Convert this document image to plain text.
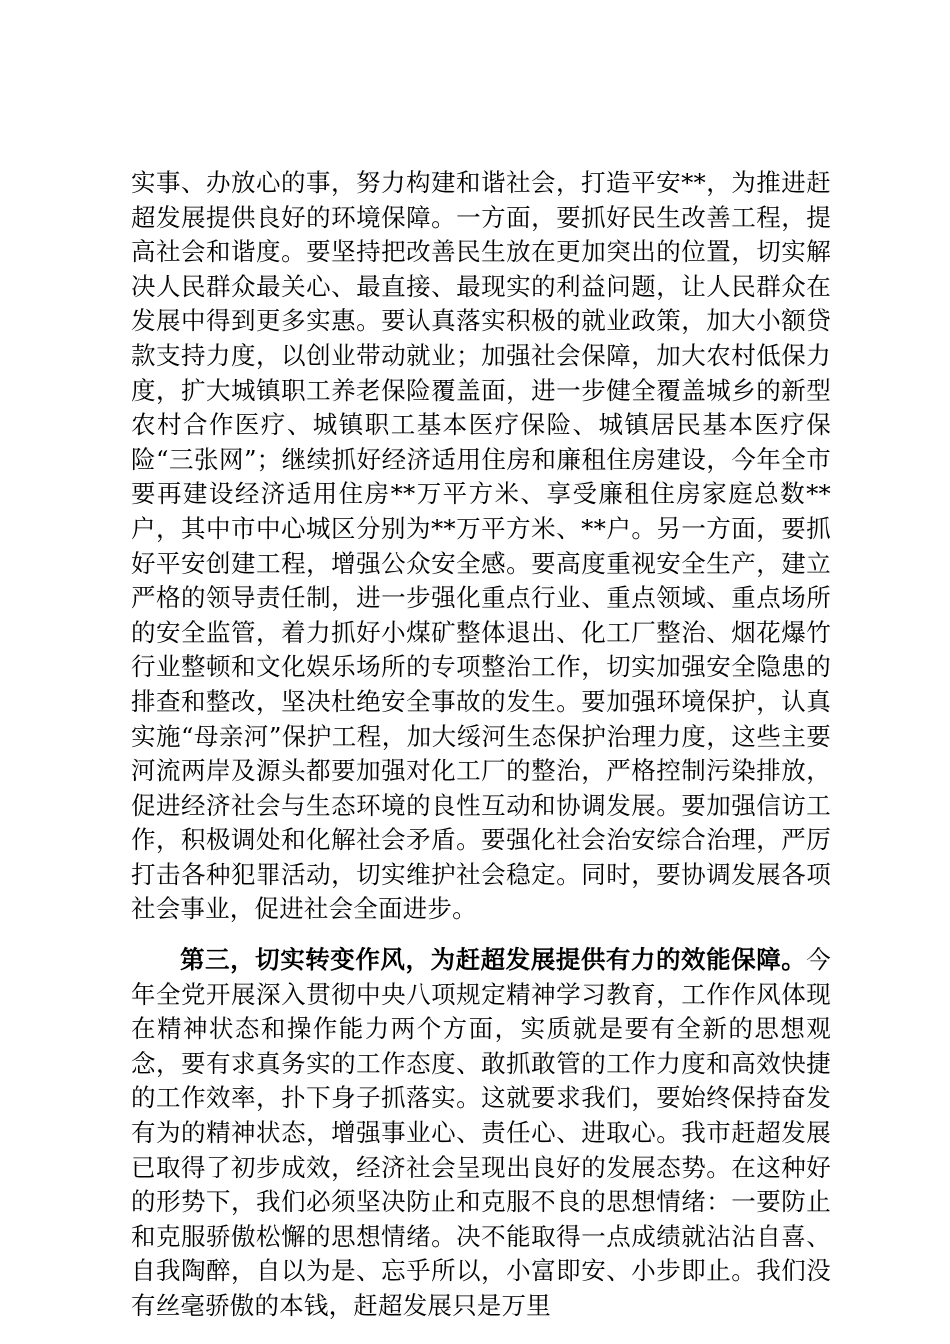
实事、办放心的事，努力构建和谐社会，打造平安**，为推进赶超发展提供良好的环境保障。一方面，要抓好民生改善工程，提高社会和谐度。要坚持把改善民生放在更加突出的位置，切实解决人民群众最关心、最直接、最现实的利益问题，让人民群众在发展中得到更多实惠。要认真落实积极的就业政策，加大小额贷款支持力度，以创业带动就业；加强社会保障，加大农村低保力度，扩大城镇职工养老保险覆盖面，进一步健全覆盖城乡的新型农村合作医疗、城镇职工基本医疗保险、城镇居民基本医疗保险“三张网”；继续抓好经济适用住房和廉租住房建设，今年全市要再建设经济适用住房**万平方米、享受廉租住房家庭总数**户，其中市中心城区分别为**万平方米、**户。另一方面，要抓好平安创建工程，增强公众安全感。要高度重视安全生产，建立严格的领导责任制，进一步强化重点行业、重点领域、重点场所的安全监管，着力抓好小煤矿整体退出、化工厂整治、烟花爆竹行业整顿和文化娱乐场所的专项整治工作，切实加强安全隐患的排查和整改，坚决杜绝安全事故的发生。要加强环境保护，认真实施“母亲河”保护工程，加大绥河生态保护治理力度，这些主要河流两岸及源头都要加强对化工厂的整治，严格控制污染排放，促进经济社会与生态环境的良性互动和协调发展。要加强信访工作，积极调处和化解社会矛盾。要强化社会治安综合治理，严厉打击各种犯罪活动，切实维护社会稳定。同时，要协调发展各项社会事业，促进社会全面进步。

第三，切实转变作风，为赶超发展提供有力的效能保障。今年全党开展深入贯彻中央八项规定精神学习教育，工作作风体现在精神状态和操作能力两个方面，实质就是要有全新的思想观念，要有求真务实的工作态度、敢抓敢管的工作力度和高效快捷的工作效率，扑下身子抓落实。这就要求我们，要始终保持奋发有为的精神状态，增强事业心、责任心、进取心。我市赶超发展已取得了初步成效，经济社会呈现出良好的发展态势。在这种好的形势下，我们必须坚决防止和克服不良的思想情绪：一要防止和克服骄傲松懈的思想情绪。决不能取得一点成绩就沾沾自喜、自我陶醉，自以为是、忘乎所以，小富即安、小步即止。我们没有丝毫骄傲的本钱，赶超发展只是万里
